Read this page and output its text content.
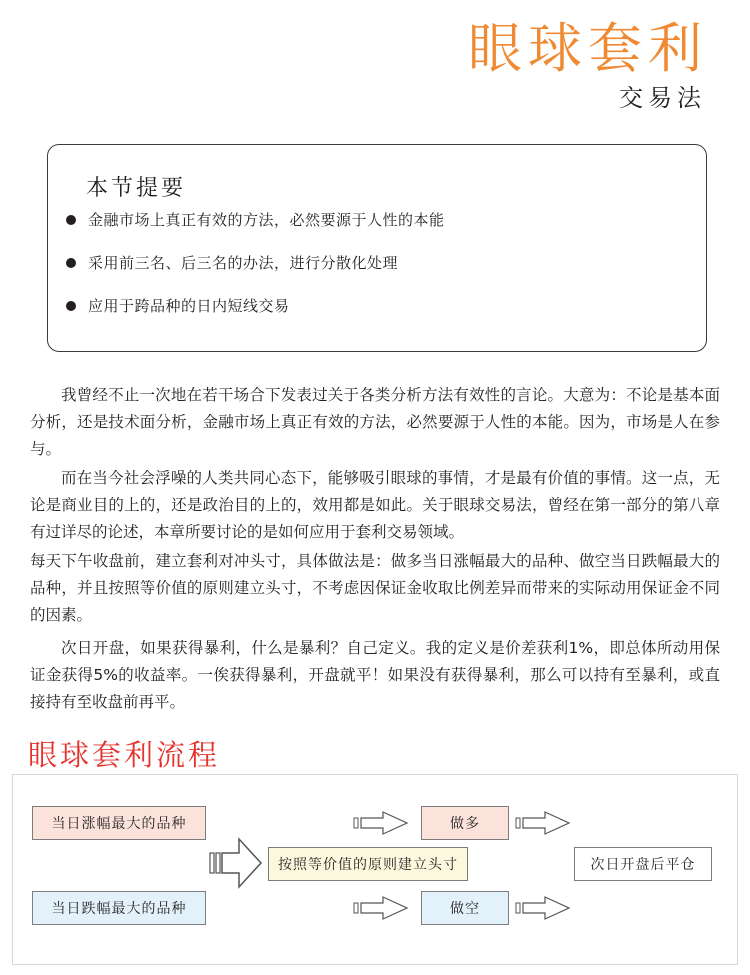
眼球套利
交易法
本节提要
金融市场上真正有效的方法，必然要源于人性的本能
采用前三名、后三名的办法，进行分散化处理
应用于跨品种的日内短线交易

我曾经不止一次地在若干场合下发表过关于各类分析方法有效性的言论。大意为：不论是基本面分析，还是技术面分析，金融市场上真正有效的方法，必然要源于人性的本能。因为，市场是人在参与。

而在当今社会浮噪的人类共同心态下，能够吸引眼球的事情，才是最有价值的事情。这一点，无论是商业目的上的，还是政治目的上的，效用都是如此。关于眼球交易法，曾经在第一部分的第八章有过详尽的论述，本章所要讨论的是如何应用于套利交易领域。

每天下午收盘前，建立套利对冲头寸，具体做法是：做多当日涨幅最大的品种、做空当日跌幅最大的品种，并且按照等价值的原则建立头寸，不考虑因保证金收取比例差异而带来的实际动用保证金不同的因素。

次日开盘，如果获得暴利，什么是暴利？自己定义。我的定义是价差获利1%，即总体所动用保证金获得5%的收益率。一俟获得暴利，开盘就平！如果没有获得暴利，那么可以持有至暴利，或直接持有至收盘前再平。

眼球套利流程
当日涨幅最大的品种
当日跌幅最大的品种
按照等价值的原则建立头寸
做多
做空
次日开盘后平仓
